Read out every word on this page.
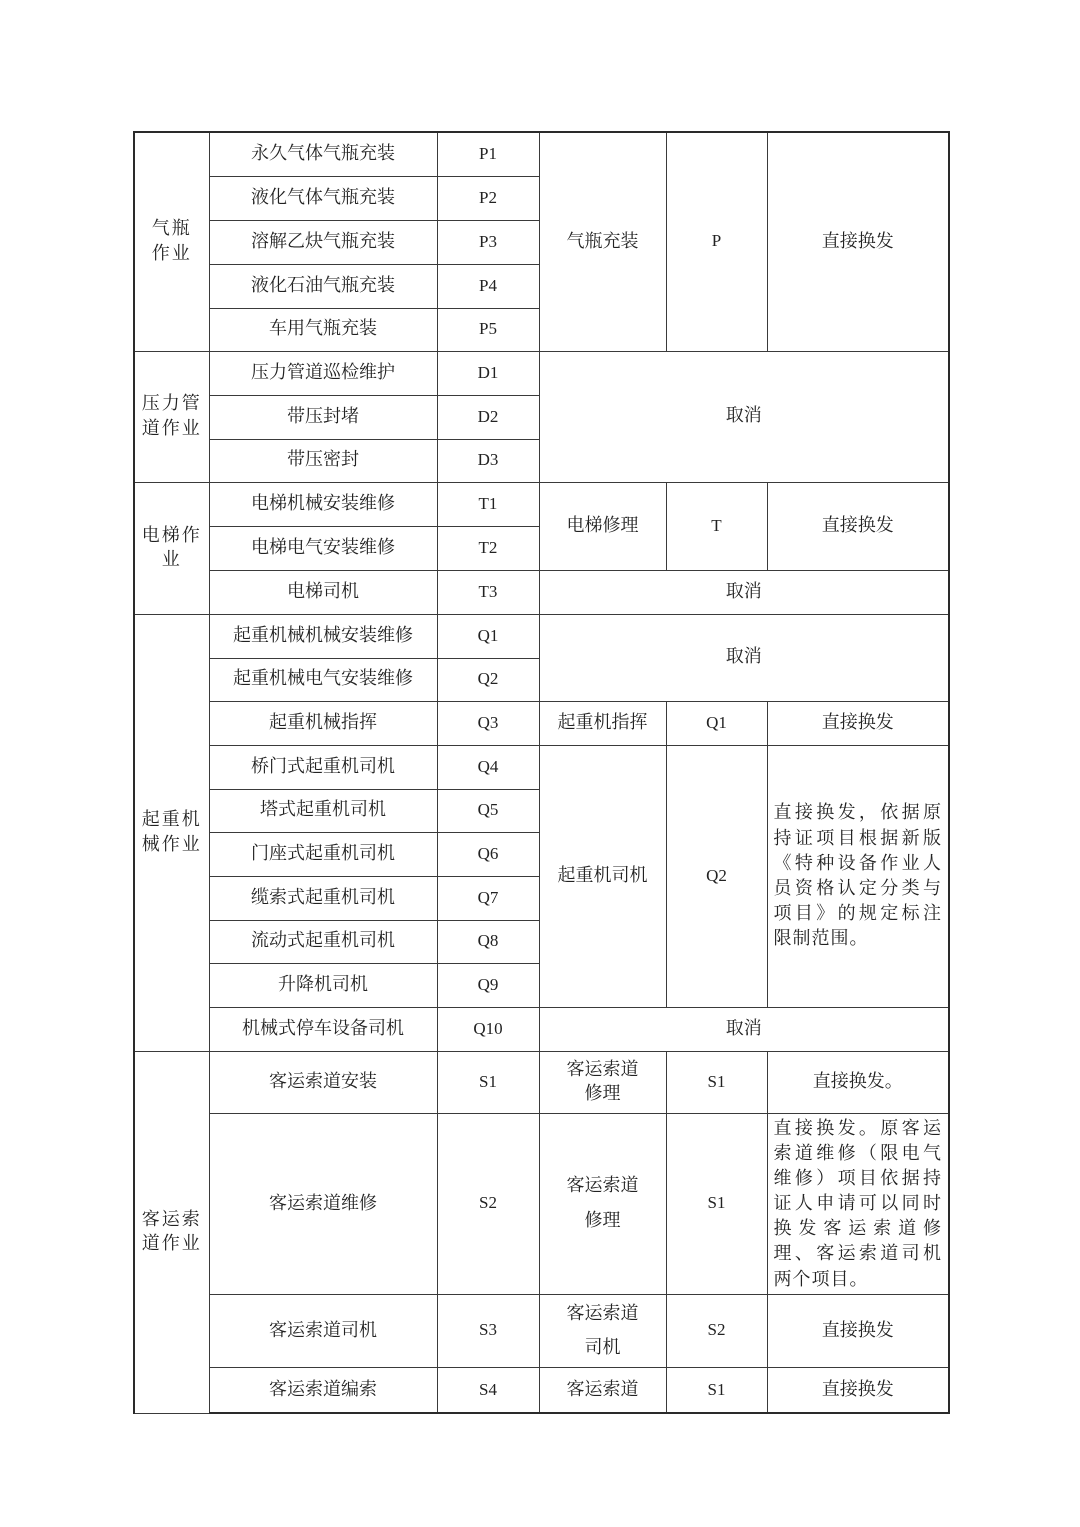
气瓶作业	永久气体气瓶充装	P1	气瓶充装	P	直接换发
	液化气体气瓶充装	P2			
	溶解乙炔气瓶充装	P3			
	液化石油气瓶充装	P4			
	车用气瓶充装	P5			
压力管道作业	压力管道巡检维护	D1	取消		
	带压封堵	D2			
	带压密封	D3			
电梯作业	电梯机械安装维修	T1	电梯修理	T	直接换发
	电梯电气安装维修	T2			
	电梯司机	T3	取消		
起重机械作业	起重机械机械安装维修	Q1	取消		
	起重机械电气安装维修	Q2			
	起重机械指挥	Q3	起重机指挥	Q1	直接换发
	桥门式起重机司机	Q4	起重机司机	Q2	直接换发，依据原持证项目根据新版《特种设备作业人员资格认定分类与项目》的规定标注限制范围。
	塔式起重机司机	Q5			
	门座式起重机司机	Q6			
	缆索式起重机司机	Q7			
	流动式起重机司机	Q8			
	升降机司机	Q9			
	机械式停车设备司机	Q10	取消		
客运索道作业	客运索道安装	S1	客运索道修理	S1	直接换发。
	客运索道维修	S2	客运索道修理	S1	直接换发。原客运索道维修（限电气维修）项目依据持证人申请可以同时换发客运索道修理、客运索道司机两个项目。
	客运索道司机	S3	客运索道司机	S2	直接换发
	客运索道编索	S4	客运索道	S1	直接换发
